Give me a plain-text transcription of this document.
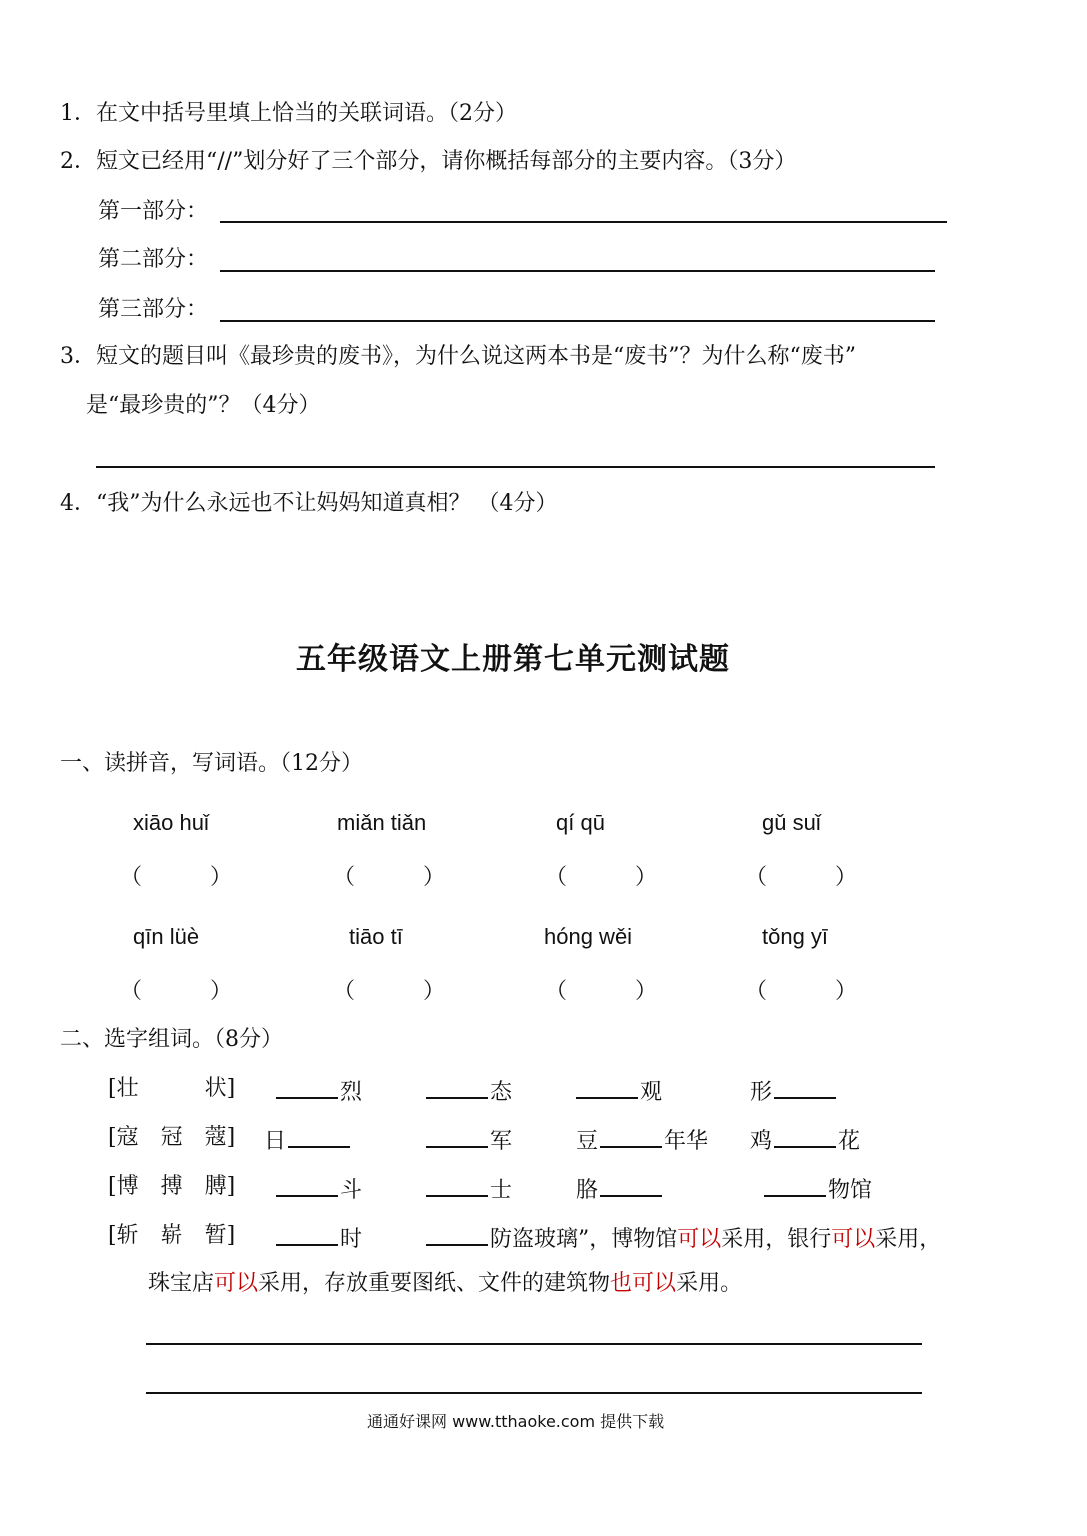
1．在文中括号里填上恰当的关联词语。（2分）
2．短文已经用“//”划分好了三个部分，请你概括每部分的主要内容。（3分）
第一部分：
第二部分：
第三部分：
3．短文的题目叫《最珍贵的废书》，为什么说这两本书是“废书”？为什么称“废书”
是“最珍贵的”？（4分）
4．“我”为什么永远也不让妈妈知道真相？ （4分）
五年级语文上册第七单元测试题
一、读拼音，写词语。（12分）
xiāo huǐ	miǎn tiǎn	qí qū	gǔ suǐ
（	）	（	）	（	）	（	）
qīn lüè	tiāo tī	hóng wěi	tǒng yī
（	）	（	）	（	）	（	）
二、选字组词。（8分）
[壮　　　状]	烈	态	观	形
[寇　冠　蔻] 日	军	豆	年华 鸡	花
[博　搏　膊]	斗	士	胳	物馆
[斩　崭　暂]	时	防盗玻璃”，博物馆可以采用，银行可以采用，
珠宝店可以采用，存放重要图纸、文件的建筑物也可以采用。
通通好课网 www.tthaoke.com 提供下载
